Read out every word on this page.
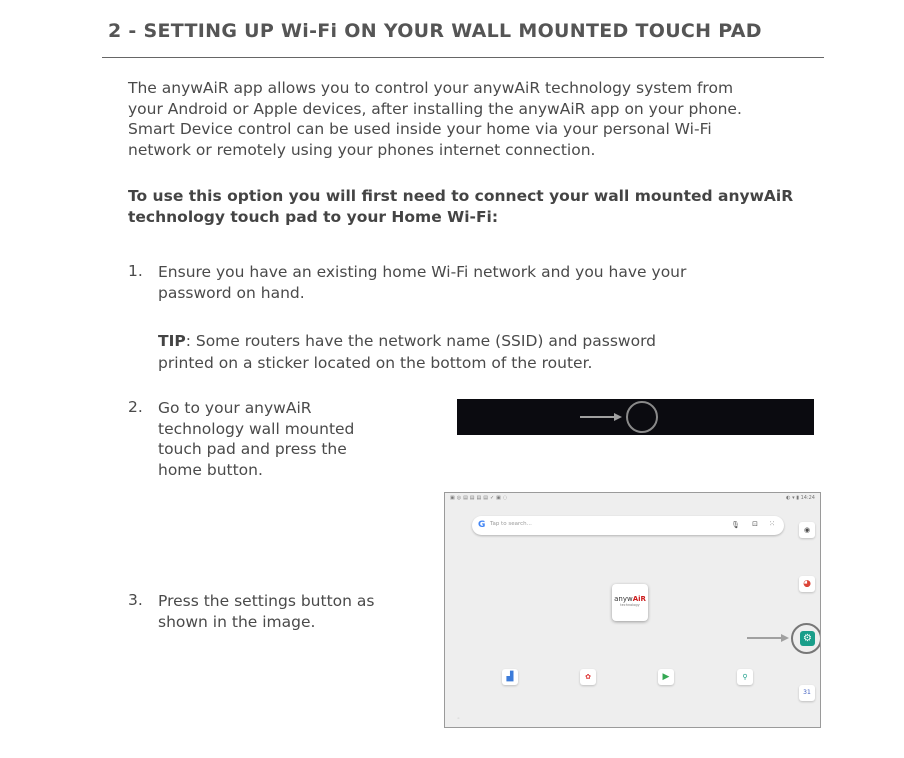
2 - SETTING UP Wi-Fi ON YOUR WALL MOUNTED TOUCH PAD
The anywAiR app allows you to control your anywAiR technology system from
your Android or Apple devices, after installing the anywAiR app on your phone.
Smart Device control can be used inside your home via your personal Wi-Fi
network or remotely using your phones internet connection.
To use this option you will first need to connect your wall mounted anywAiR
technology touch pad to your Home Wi-Fi:
1. Ensure you have an existing home Wi-Fi network and you have your
password on hand.
TIP: Some routers have the network name (SSID) and password
printed on a sticker located on the bottom of the router.
2. Go to your anywAiR
technology wall mounted
touch pad and press the
home button.
3. Press the settings button as
shown in the image.
▣◎▤▤▤▤✓▣◌	◐ ▾ ▮ 14:24
G Tap to search...	🎙 ⊡ ⁙
◉
◕
⚙
31
anywAiR
technology
▟	✿	▶	⚲
◦
